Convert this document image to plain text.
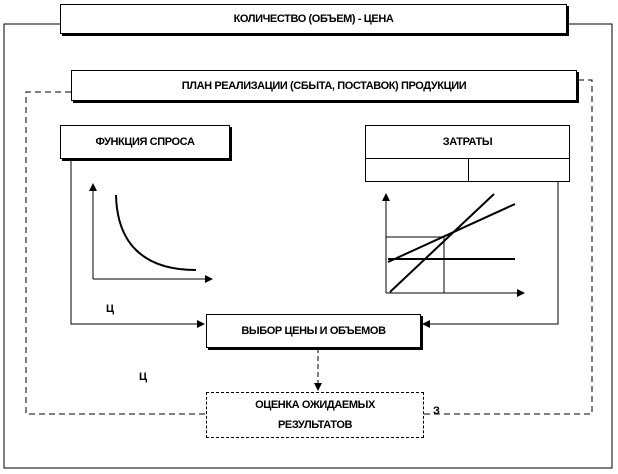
КОЛИЧЕСТВО (ОБЪЕМ) - ЦЕНА
ПЛАН РЕАЛИЗАЦИИ (СБЫТА, ПОСТАВОК) ПРОДУКЦИИ
ФУНКЦИЯ СПРОСА	ЗАТРАТЫ
ВЫБОР ЦЕНЫ И ОБЪЕМОВ
ОЦЕНКА ОЖИДАЕМЫХ
РЕЗУЛЬТАТОВ
Ц
Ц
З
